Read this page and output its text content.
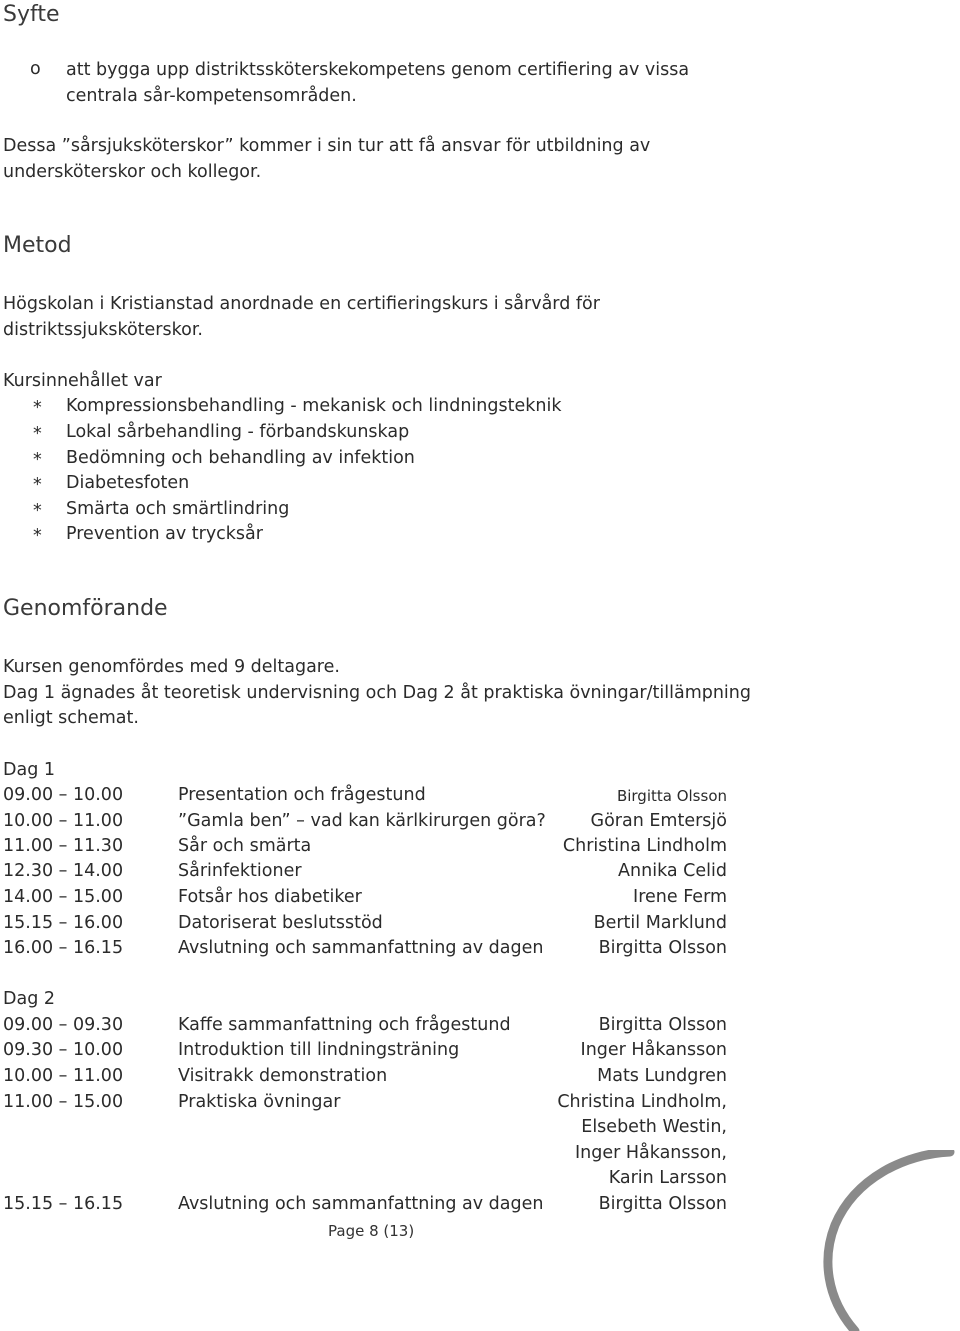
Syfte
o att bygga upp distriktssköterskekompetens genom certifiering av vissa
centrala sår-kompetensområden.
Dessa ”sårsjuksköterskor” kommer i sin tur att få ansvar för utbildning av
undersköterskor och kollegor.
Metod
Högskolan i Kristianstad anordnade en certifieringskurs i sårvård för
distriktssjuksköterskor.
Kursinnehållet var
* Kompressionsbehandling - mekanisk och lindningsteknik
* Lokal sårbehandling - förbandskunskap
* Bedömning och behandling av infektion
* Diabetesfoten
* Smärta och smärtlindring
* Prevention av trycksår
Genomförande
Kursen genomfördes med 9 deltagare.
Dag 1 ägnades åt teoretisk undervisning och Dag 2 åt praktiska övningar/tillämpning
enligt schemat.
Dag 1
09.00 – 10.00	Presentation och frågestund	Birgitta Olsson
10.00 – 11.00	”Gamla ben” – vad kan kärlkirurgen göra?	Göran Emtersjö
11.00 – 11.30	Sår och smärta	Christina Lindholm
12.30 – 14.00	Sårinfektioner	Annika Celid
14.00 – 15.00	Fotsår hos diabetiker	Irene Ferm
15.15 – 16.00	Datoriserat beslutsstöd	Bertil Marklund
16.00 – 16.15	Avslutning och sammanfattning av dagen	Birgitta Olsson
Dag 2
09.00 – 09.30	Kaffe sammanfattning och frågestund	Birgitta Olsson
09.30 – 10.00	Introduktion till lindningsträning	Inger Håkansson
10.00 – 11.00	Visitrakk demonstration	Mats Lundgren
11.00 – 15.00	Praktiska övningar	Christina Lindholm,
Elsebeth Westin,
Inger Håkansson,
Karin Larsson
15.15 – 16.15	Avslutning och sammanfattning av dagen	Birgitta Olsson
Page 8 (13)
